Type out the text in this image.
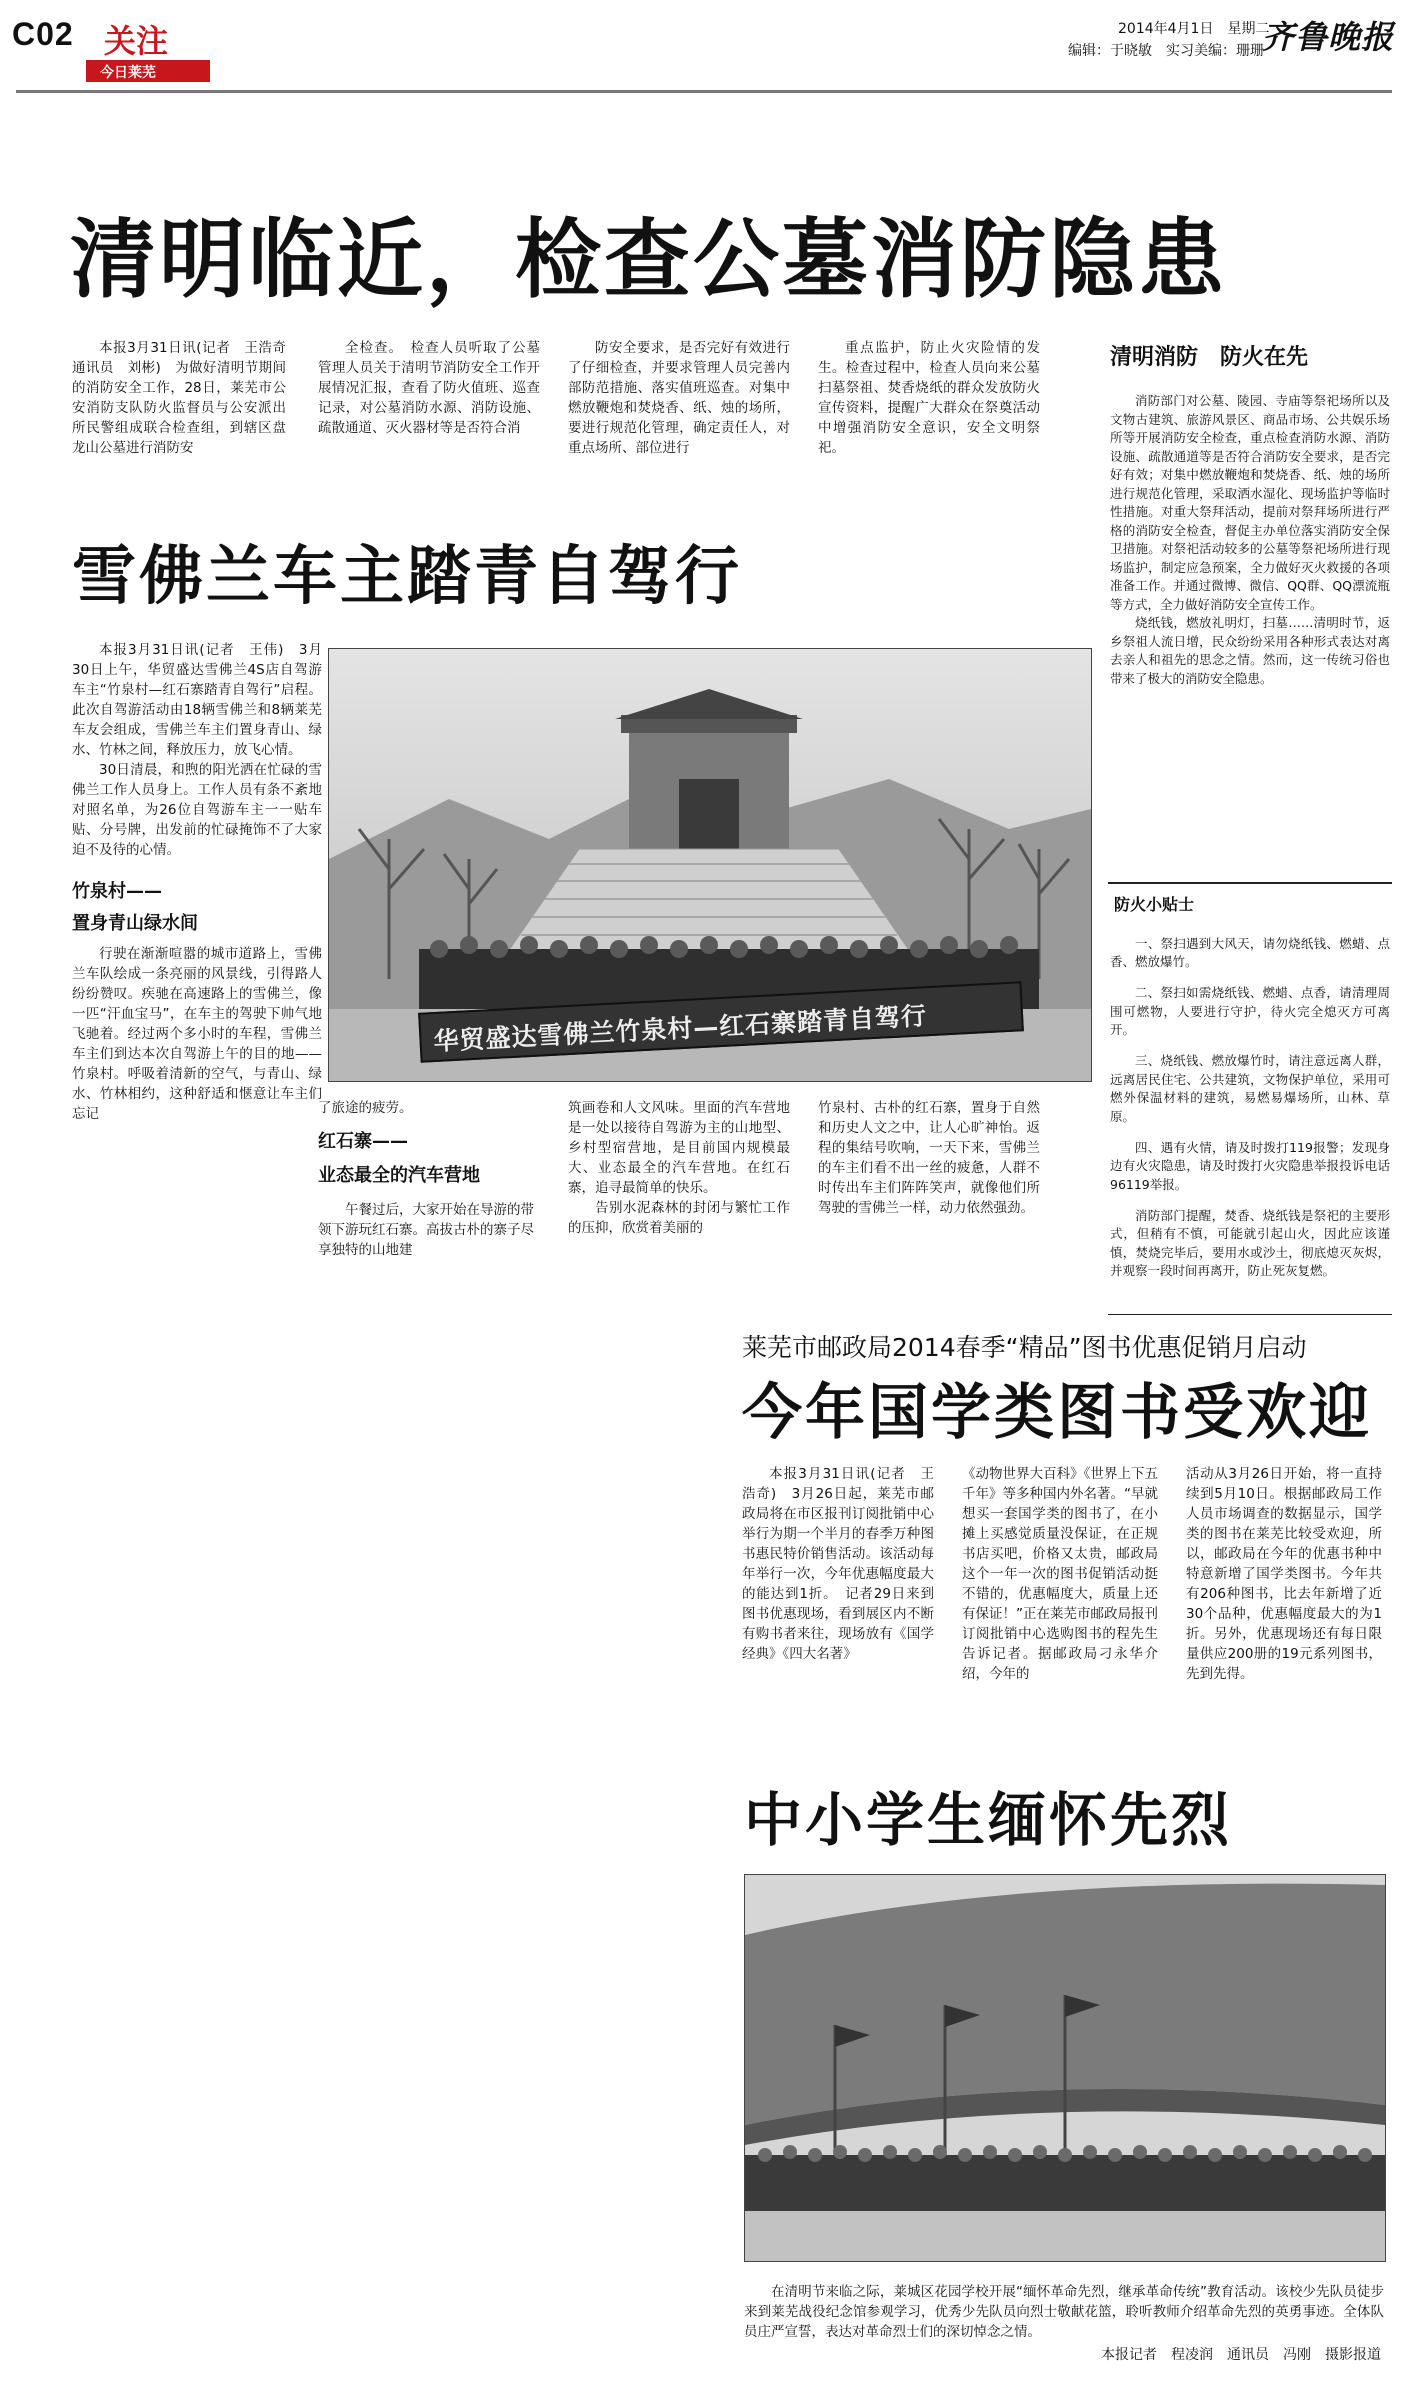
C02 关注
今日莱芜
2014年4月1日　星期二
编辑：于晓敏　实习美编：珊珊
齐鲁晚报
清明临近，检查公墓消防隐患

本报3月31日讯(记者　王浩奇　通讯员　刘彬)　为做好清明节期间的消防安全工作，28日，莱芜市公安消防支队防火监督员与公安派出所民警组成联合检查组，到辖区盘龙山公墓进行消防安

全检查。　检查人员听取了公墓管理人员关于清明节消防安全工作开展情况汇报，查看了防火值班、巡查记录，对公墓消防水源、消防设施、疏散通道、灭火器材等是否符合消

防安全要求，是否完好有效进行了仔细检查，并要求管理人员完善内部防范措施、落实值班巡查。对集中燃放鞭炮和焚烧香、纸、烛的场所，要进行规范化管理，确定责任人，对重点场所、部位进行

重点监护，防止火灾险情的发生。检查过程中，检查人员向来公墓扫墓祭祖、焚香烧纸的群众发放防火宣传资料，提醒广大群众在祭奠活动中增强消防安全意识，安全文明祭祀。

清明消防　防火在先

消防部门对公墓、陵园、寺庙等祭祀场所以及文物古建筑、旅游风景区、商品市场、公共娱乐场所等开展消防安全检查，重点检查消防水源、消防设施、疏散通道等是否符合消防安全要求，是否完好有效；对集中燃放鞭炮和焚烧香、纸、烛的场所进行规范化管理，采取洒水湿化、现场监护等临时性措施。对重大祭拜活动，提前对祭拜场所进行严格的消防安全检查，督促主办单位落实消防安全保卫措施。对祭祀活动较多的公墓等祭祀场所进行现场监护，制定应急预案，全力做好灭火救援的各项准备工作。并通过微博、微信、QQ群、QQ漂流瓶等方式，全力做好消防安全宣传工作。

烧纸钱，燃放礼明灯，扫墓……清明时节，返乡祭祖人流日增，民众纷纷采用各种形式表达对离去亲人和祖先的思念之情。然而，这一传统习俗也带来了极大的消防安全隐患。

防火小贴士

一、祭扫遇到大风天，请勿烧纸钱、燃蜡、点香、燃放爆竹。

二、祭扫如需烧纸钱、燃蜡、点香，请清理周围可燃物，人要进行守护，待火完全熄灭方可离开。

三、烧纸钱、燃放爆竹时，请注意远离人群，远离居民住宅、公共建筑，文物保护单位，采用可燃外保温材料的建筑，易燃易爆场所，山林、草原。

四、遇有火情，请及时拨打119报警；发现身边有火灾隐患，请及时拨打火灾隐患举报投诉电话96119举报。

消防部门提醒，焚香、烧纸钱是祭祀的主要形式，但稍有不慎，可能就引起山火，因此应该谨慎，焚烧完毕后，要用水或沙土，彻底熄灭灰烬，并观察一段时间再离开，防止死灰复燃。

雪佛兰车主踏青自驾行

本报3月31日讯(记者　王伟)　3月30日上午，华贸盛达雪佛兰4S店自驾游车主“竹泉村—红石寨踏青自驾行”启程。此次自驾游活动由18辆雪佛兰和8辆莱芜车友会组成，雪佛兰车主们置身青山、绿水、竹林之间，释放压力，放飞心情。

30日清晨，和煦的阳光洒在忙碌的雪佛兰工作人员身上。工作人员有条不紊地对照名单，为26位自驾游车主一一贴车贴、分号牌，出发前的忙碌掩饰不了大家迫不及待的心情。

竹泉村——

置身青山绿水间

行驶在渐渐喧嚣的城市道路上，雪佛兰车队绘成一条亮丽的风景线，引得路人纷纷赞叹。疾驰在高速路上的雪佛兰，像一匹“汗血宝马”，在车主的驾驶下帅气地飞驰着。经过两个多小时的车程，雪佛兰车主们到达本次自驾游上午的目的地——竹泉村。呼吸着清新的空气，与青山、绿水、竹林相约，这种舒适和惬意让车主们忘记

华贸盛达雪佛兰竹泉村—红石寨踏青自驾行

了旅途的疲劳。

红石寨——

业态最全的汽车营地

午餐过后，大家开始在导游的带领下游玩红石寨。高拔古朴的寨子尽享独特的山地建

筑画卷和人文风味。里面的汽车营地是一处以接待自驾游为主的山地型、乡村型宿营地，是目前国内规模最大、业态最全的汽车营地。在红石寨，追寻最简单的快乐。

告别水泥森林的封闭与繁忙工作的压抑，欣赏着美丽的

竹泉村、古朴的红石寨，置身于自然和历史人文之中，让人心旷神怡。返程的集结号吹响，一天下来，雪佛兰的车主们看不出一丝的疲惫，人群不时传出车主们阵阵笑声，就像他们所驾驶的雪佛兰一样，动力依然强劲。

莱芜市邮政局2014春季“精品”图书优惠促销月启动
今年国学类图书受欢迎

本报3月31日讯(记者　王浩奇)　3月26日起，莱芜市邮政局将在市区报刊订阅批销中心举行为期一个半月的春季万种图书惠民特价销售活动。该活动每年举行一次，今年优惠幅度最大的能达到1折。　记者29日来到图书优惠现场，看到展区内不断有购书者来往，现场放有《国学经典》《四大名著》

《动物世界大百科》《世界上下五千年》等多种国内外名著。“早就想买一套国学类的图书了，在小摊上买感觉质量没保证，在正规书店买吧，价格又太贵，邮政局这个一年一次的图书促销活动挺不错的，优惠幅度大，质量上还有保证！”正在莱芜市邮政局报刊订阅批销中心选购图书的程先生告诉记者。据邮政局刁永华介绍，今年的

活动从3月26日开始，将一直持续到5月10日。根据邮政局工作人员市场调查的数据显示，国学类的图书在莱芜比较受欢迎，所以，邮政局在今年的优惠书种中特意新增了国学类图书。今年共有206种图书，比去年新增了近30个品种，优惠幅度最大的为1折。另外，优惠现场还有每日限量供应200册的19元系列图书，先到先得。

中小学生缅怀先烈
在清明节来临之际，莱城区花园学校开展“缅怀革命先烈，继承革命传统”教育活动。该校少先队员徒步来到莱芜战役纪念馆参观学习，优秀少先队员向烈士敬献花篮，聆听教师介绍革命先烈的英勇事迹。全体队员庄严宣誓，表达对革命烈士们的深切悼念之情。
本报记者　程凌润　通讯员　冯刚　摄影报道
